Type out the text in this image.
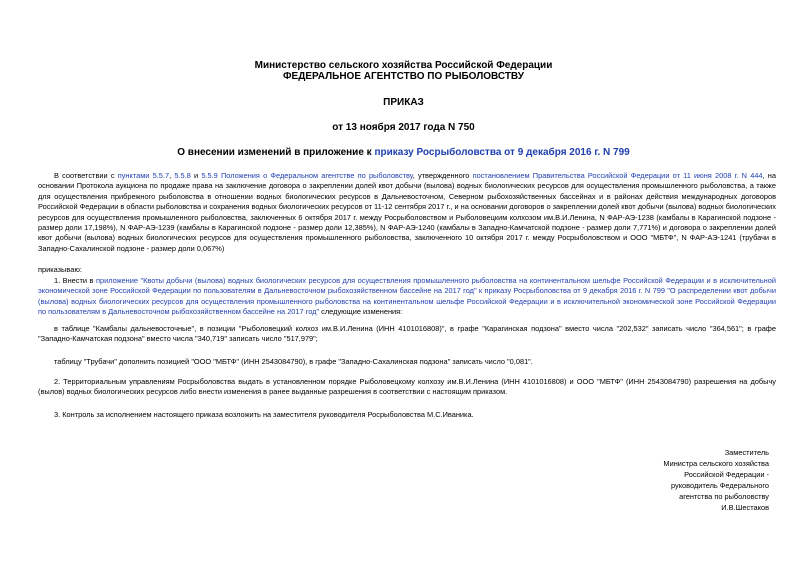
Министерство сельского хозяйства Российской Федерации
ФЕДЕРАЛЬНОЕ АГЕНТСТВО ПО РЫБОЛОВСТВУ
ПРИКАЗ
от 13 ноября 2017 года N 750
О внесении изменений в приложение к приказу Росрыболовства от 9 декабря 2016 г. N 799
В соответствии с пунктами 5.5.7, 5.5.8 и 5.5.9 Положения о Федеральном агентстве по рыболовству, утвержденного постановлением Правительства Российской Федерации от 11 июня 2008 г. N 444, на основании Протокола аукциона по продаже права на заключение договора о закреплении долей квот добычи (вылова) водных биологических ресурсов для осуществления промышленного рыболовства, а также для осуществления прибрежного рыболовства в отношении водных биологических ресурсов в Дальневосточном, Северном рыбохозяйственных бассейнах и в районах действия международных договоров Российской Федерации в области рыболовства и сохранения водных биологических ресурсов от 11-12 сентября 2017 г., и на основании договоров о закреплении долей квот добычи (вылова) водных биологических ресурсов для осуществления промышленного рыболовства, заключенных 6 октября 2017 г. между Росрыболовством и Рыболовецким колхозом им.В.И.Ленина, N ФАР-АЭ-1238 (камбалы в Карагинской подзоне - размер доли 17,198%), N ФАР-АЭ-1239 (камбалы в Карагинской подзоне - размер доли 12,385%), N ФАР-АЭ-1240 (камбалы в Западно-Камчатской подзоне - размер доли 7,771%) и договора о закреплении долей квот добычи (вылова) водных биологических ресурсов для осуществления промышленного рыболовства, заключенного 10 октября 2017 г. между Росрыболовством и ООО "МБТФ", N ФАР-АЭ-1241 (трубачи в Западно-Сахалинской подзоне - размер доли 0,067%)
приказываю:
1. Внести в приложение "Квоты добычи (вылова) водных биологических ресурсов для осуществления промышленного рыболовства на континентальном шельфе Российской Федерации и в исключительной экономической зоне Российской Федерации по пользователям в Дальневосточном рыбохозяйственном бассейне на 2017 год" к приказу Росрыболовства от 9 декабря 2016 г. N 799 "О распределении квот добычи (вылова) водных биологических ресурсов для осуществления промышленного рыболовства на континентальном шельфе Российской Федерации и в исключительной экономической зоне Российской Федерации по пользователям в Дальневосточном рыбохозяйственном бассейне на 2017 год" следующие изменения:
в таблице "Камбалы дальневосточные", в позиции "Рыболовецкий колхоз им.В.И.Ленина (ИНН 4101016808)", в графе "Карагинская подзона" вместо числа "202,532" записать число "364,561"; в графе "Западно-Камчатская подзона" вместо числа "340,719" записать число "517,979";
таблицу "Трубачи" дополнить позицией "ООО "МБТФ" (ИНН 2543084790), в графе "Западно-Сахалинская подзона" записать число "0,081".
2. Территориальным управлениям Росрыболовства выдать в установленном порядке Рыболовецкому колхозу им.В.И.Ленина (ИНН 4101016808) и ООО "МБТФ" (ИНН 2543084790) разрешения на добычу (вылов) водных биологических ресурсов либо внести изменения в ранее выданные разрешения в соответствии с настоящим приказом.
3. Контроль за исполнением настоящего приказа возложить на заместителя руководителя Росрыболовства М.С.Иваника.
Заместитель
Министра сельского хозяйства
Российской Федерации -
руководитель Федерального
агентства по рыболовству
И.В.Шестаков
